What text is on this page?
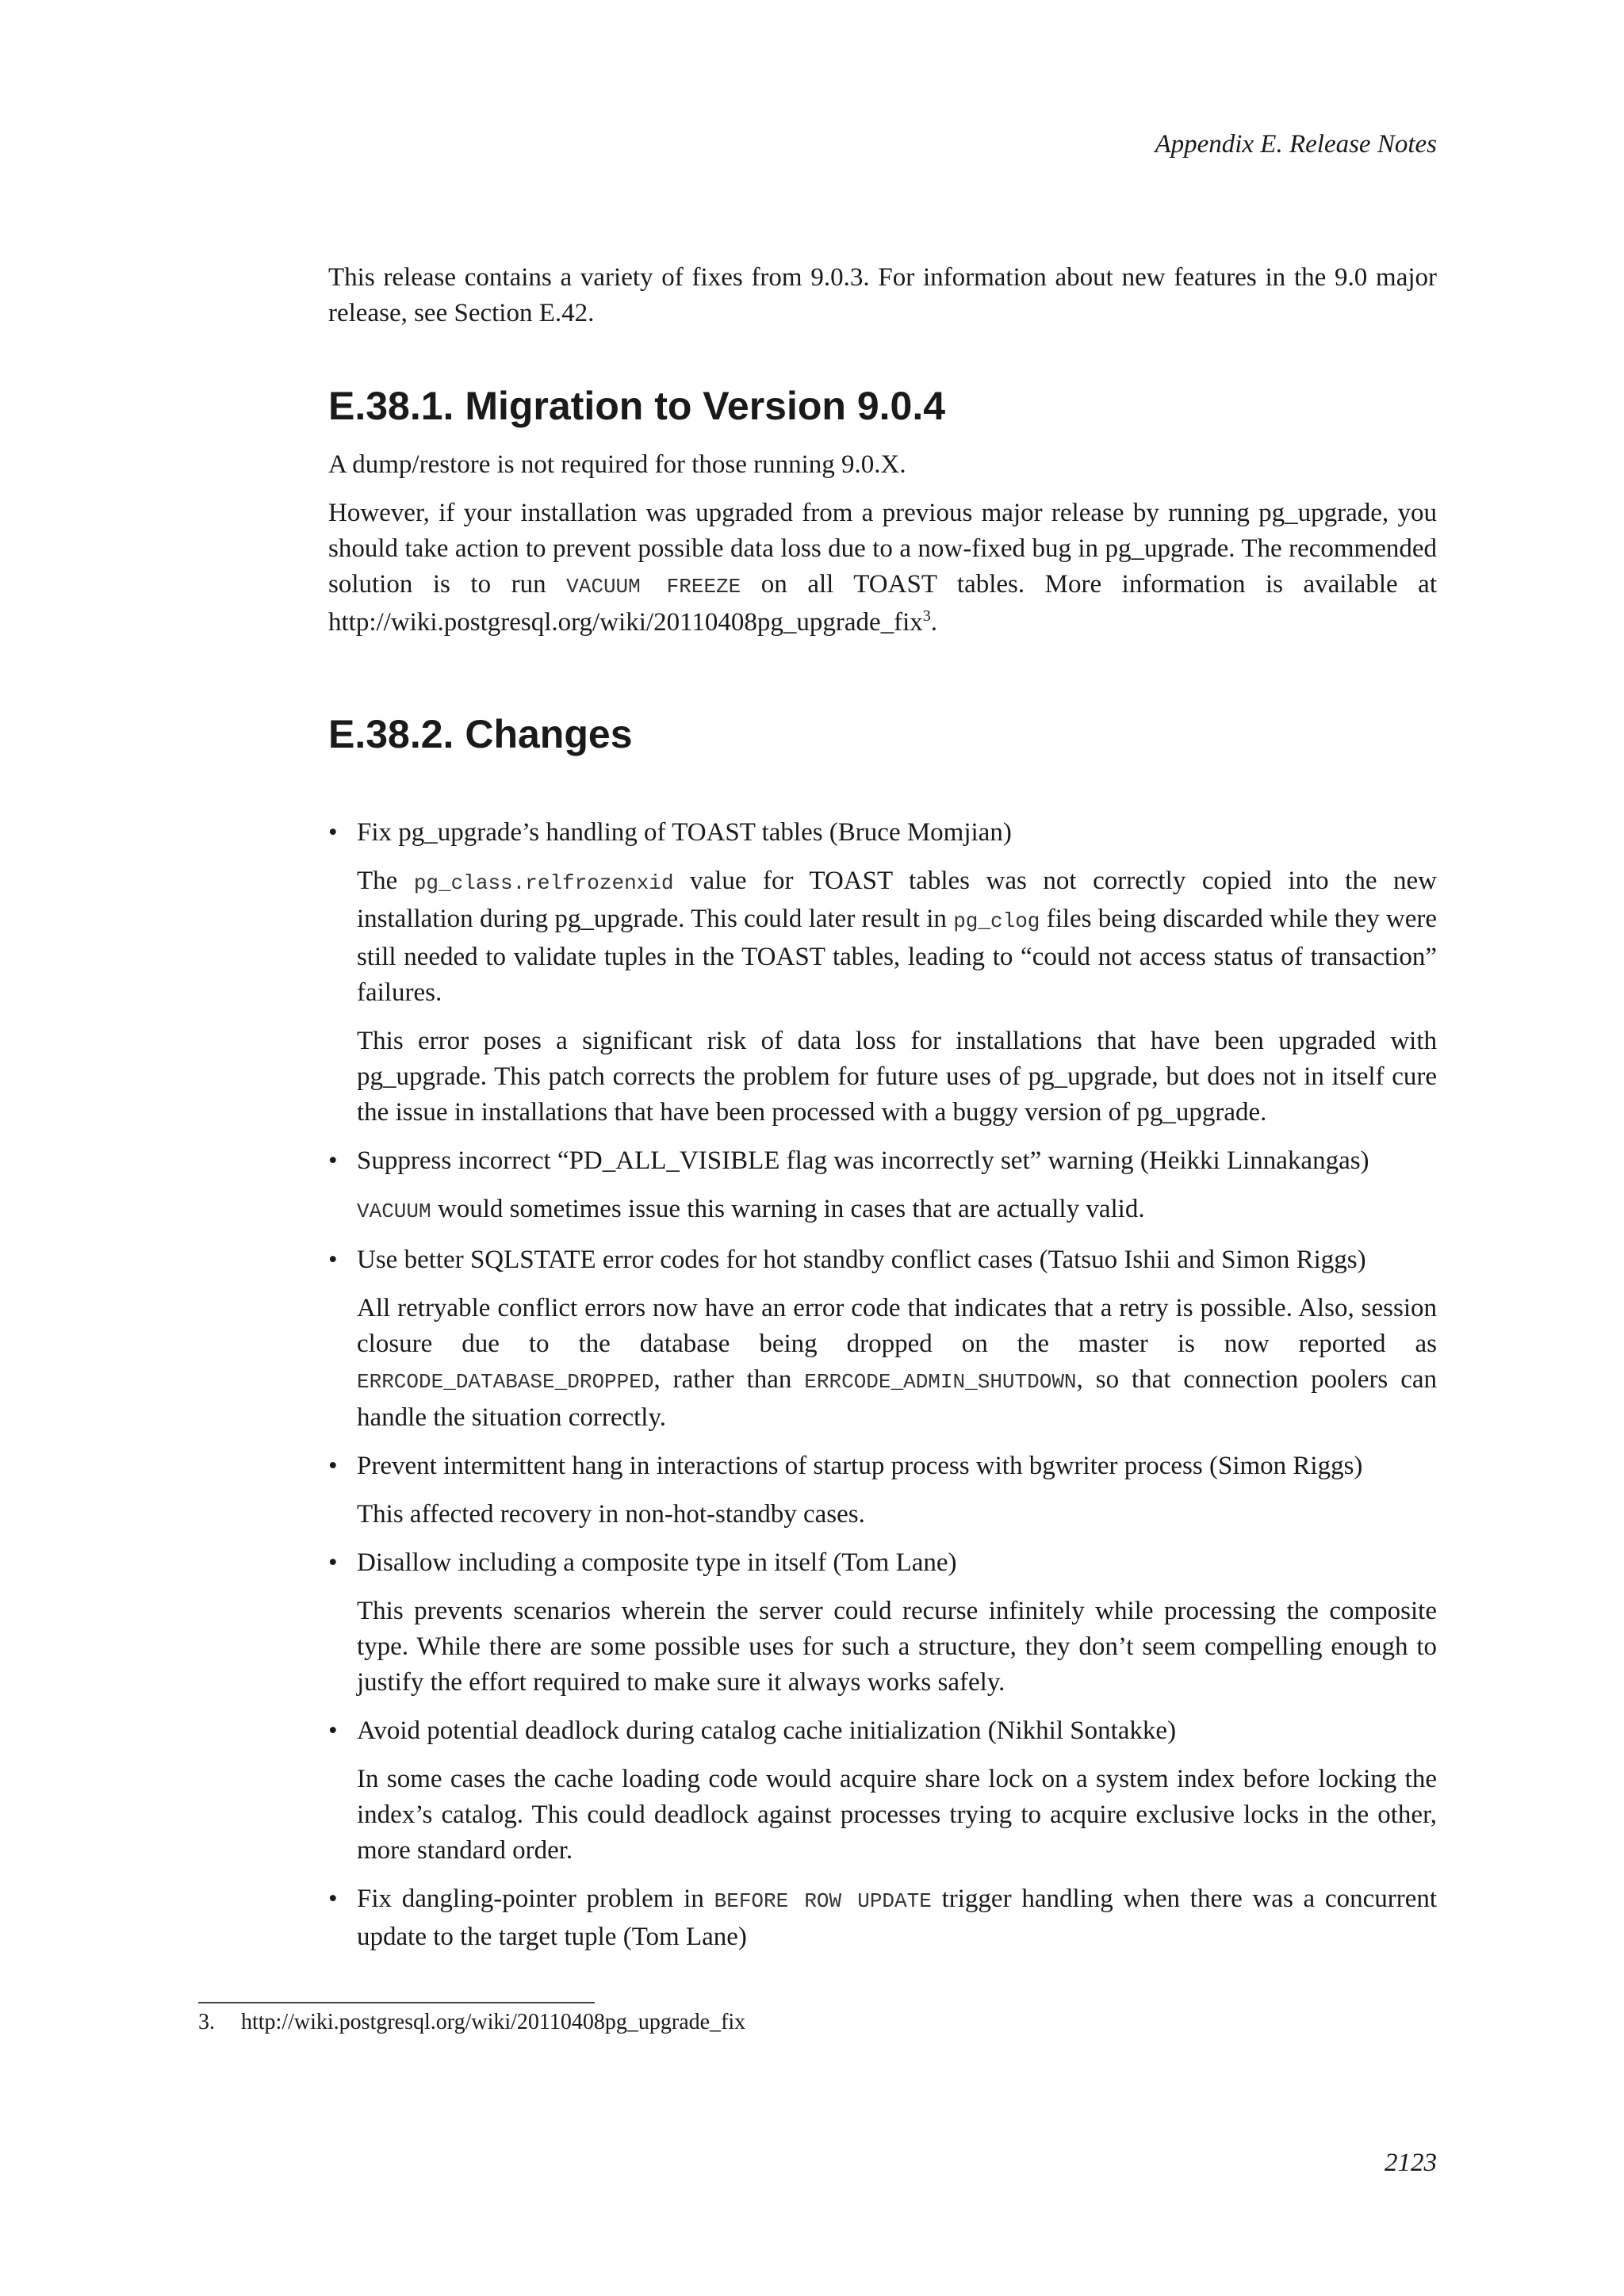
Appendix E. Release Notes

This release contains a variety of fixes from 9.0.3. For information about new features in the 9.0 major release, see Section E.42.

E.38.1. Migration to Version 9.0.4

A dump/restore is not required for those running 9.0.X.

However, if your installation was upgraded from a previous major release by running pg_upgrade, you should take action to prevent possible data loss due to a now-fixed bug in pg_upgrade. The recommended solution is to run VACUUM FREEZE on all TOAST tables. More information is available at http://wiki.postgresql.org/wiki/20110408pg_upgrade_fix$^3$.

E.38.2. Changes
• Fix pg_upgrade’s handling of TOAST tables (Bruce Momjian)

The pg_class.relfrozenxid value for TOAST tables was not correctly copied into the new installation during pg_upgrade. This could later result in pg_clog files being discarded while they were still needed to validate tuples in the TOAST tables, leading to “could not access status of transaction” failures.

This error poses a significant risk of data loss for installations that have been upgraded with pg_upgrade. This patch corrects the problem for future uses of pg_upgrade, but does not in itself cure the issue in installations that have been processed with a buggy version of pg_upgrade.

• Suppress incorrect “PD_ALL_VISIBLE flag was incorrectly set” warning (Heikki Linnakangas)

VACUUM would sometimes issue this warning in cases that are actually valid.

• Use better SQLSTATE error codes for hot standby conflict cases (Tatsuo Ishii and Simon Riggs)

All retryable conflict errors now have an error code that indicates that a retry is possible. Also, session closure due to the database being dropped on the master is now reported as ERRCODE_DATABASE_DROPPED, rather than ERRCODE_ADMIN_SHUTDOWN, so that connection poolers can handle the situation correctly.

• Prevent intermittent hang in interactions of startup process with bgwriter process (Simon Riggs)

This affected recovery in non-hot-standby cases.

• Disallow including a composite type in itself (Tom Lane)

This prevents scenarios wherein the server could recurse infinitely while processing the composite type. While there are some possible uses for such a structure, they don’t seem compelling enough to justify the effort required to make sure it always works safely.

• Avoid potential deadlock during catalog cache initialization (Nikhil Sontakke)

In some cases the cache loading code would acquire share lock on a system index before locking the index’s catalog. This could deadlock against processes trying to acquire exclusive locks in the other, more standard order.

• Fix dangling-pointer problem in BEFORE ROW UPDATE trigger handling when there was a concurrent update to the target tuple (Tom Lane)

3. http://wiki.postgresql.org/wiki/20110408pg_upgrade_fix
2123
